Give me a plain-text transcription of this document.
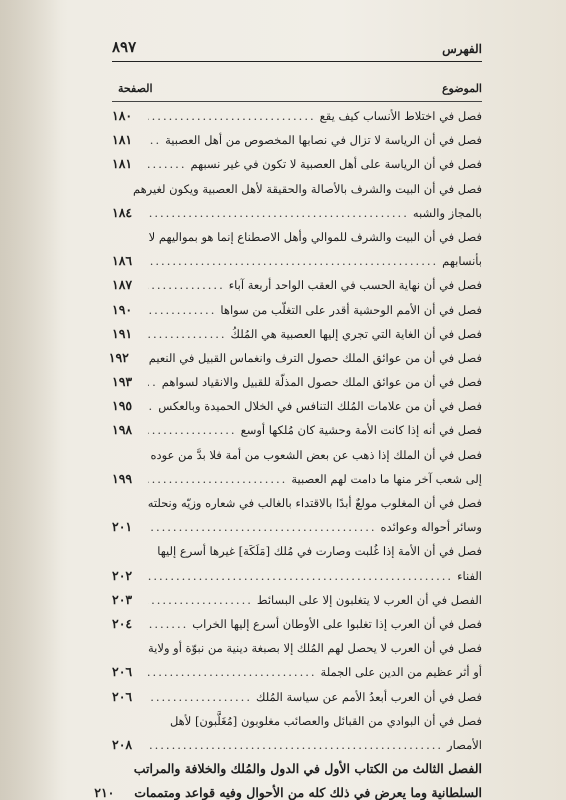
٨٩٧	الفهرس
الصفحة	الموضوع
فصل في اختلاط الأنساب كيف يقع
.....
١٨٠
فصل في أن الرياسة لا تزال في نصابها المخصوص من أهل العصبية
.....
١٨١
فصل في أن الرياسة على أهل العصبية لا تكون في غير نسبهم
.....
١٨١
فصل في أن البيت والشرف بالأصالة والحقيقة لأهل العصبية ويكون لغيرهم
بالمجاز والشبه
.....
١٨٤
فصل في أن البيت والشرف للموالي وأهل الاصطناع إنما هو بمواليهم لا
بأنسابهم
.....
١٨٦
فصل في أن نهاية الحسب في العقب الواحد أربعة آباء
.....
١٨٧
فصل في أن الأمم الوحشية أقدر على التغلّب من سواها
.....
١٩٠
فصل في أن الغاية التي تجري إليها العصبية هي المُلكُ
.....
١٩١
فصل في أن من عوائق الملك حصول الترف وانغماس القبيل في النعيم
١٩٢
فصل في أن من عوائق الملك حصول المذلّة للقبيل والانقياد لسواهم
.....
١٩٣
فصل في أن من علامات المُلك التنافس في الخلال الحميدة وبالعكس
.....
١٩٥
فصل في أنه إذا كانت الأمة وحشية كان مُلكها أوسع
.....
١٩٨
فصل في أن الملك إذا ذهب عن بعض الشعوب من أمة فلا بدَّ من عوده
إلى شعب آخر منها ما دامت لهم العصبية
.....
١٩٩
فصل في أن المغلوب مولعٌ أبدًا بالاقتداء بالغالب في شعاره وزيّه ونحلته
وسائر أحواله وعوائده
.....
٢٠١
فصل في أن الأمة إذا غُلبت وصارت في مُلك [مَلَكَة] غيرها أسرع إليها
الفناء
.....
٢٠٢
الفصل في أن العرب لا يتغلبون إلا على البسائط
.....
٢٠٣
فصل في أن العرب إذا تغلبوا على الأوطان أسرع إليها الخراب
.....
٢٠٤
فصل في أن العرب لا يحصل لهم المُلك إلا بصبغة دينية من نبوّة أو ولاية
أو أثر عظيم من الدين على الجملة
.....
٢٠٦
فصل في أن العرب أبعدُ الأمم عن سياسة المُلك
.....
٢٠٦
فصل في أن البوادي من القبائل والعصائب مغلوبون [مُغَلَّبون] لأهل
الأمصار
.....
٢٠٨
الفصل الثالث من الكتاب الأول في الدول والمُلك والخلافة والمراتب
السلطانية وما يعرض في ذلك كله من الأحوال وفيه قواعد ومتممات
٢١٠
